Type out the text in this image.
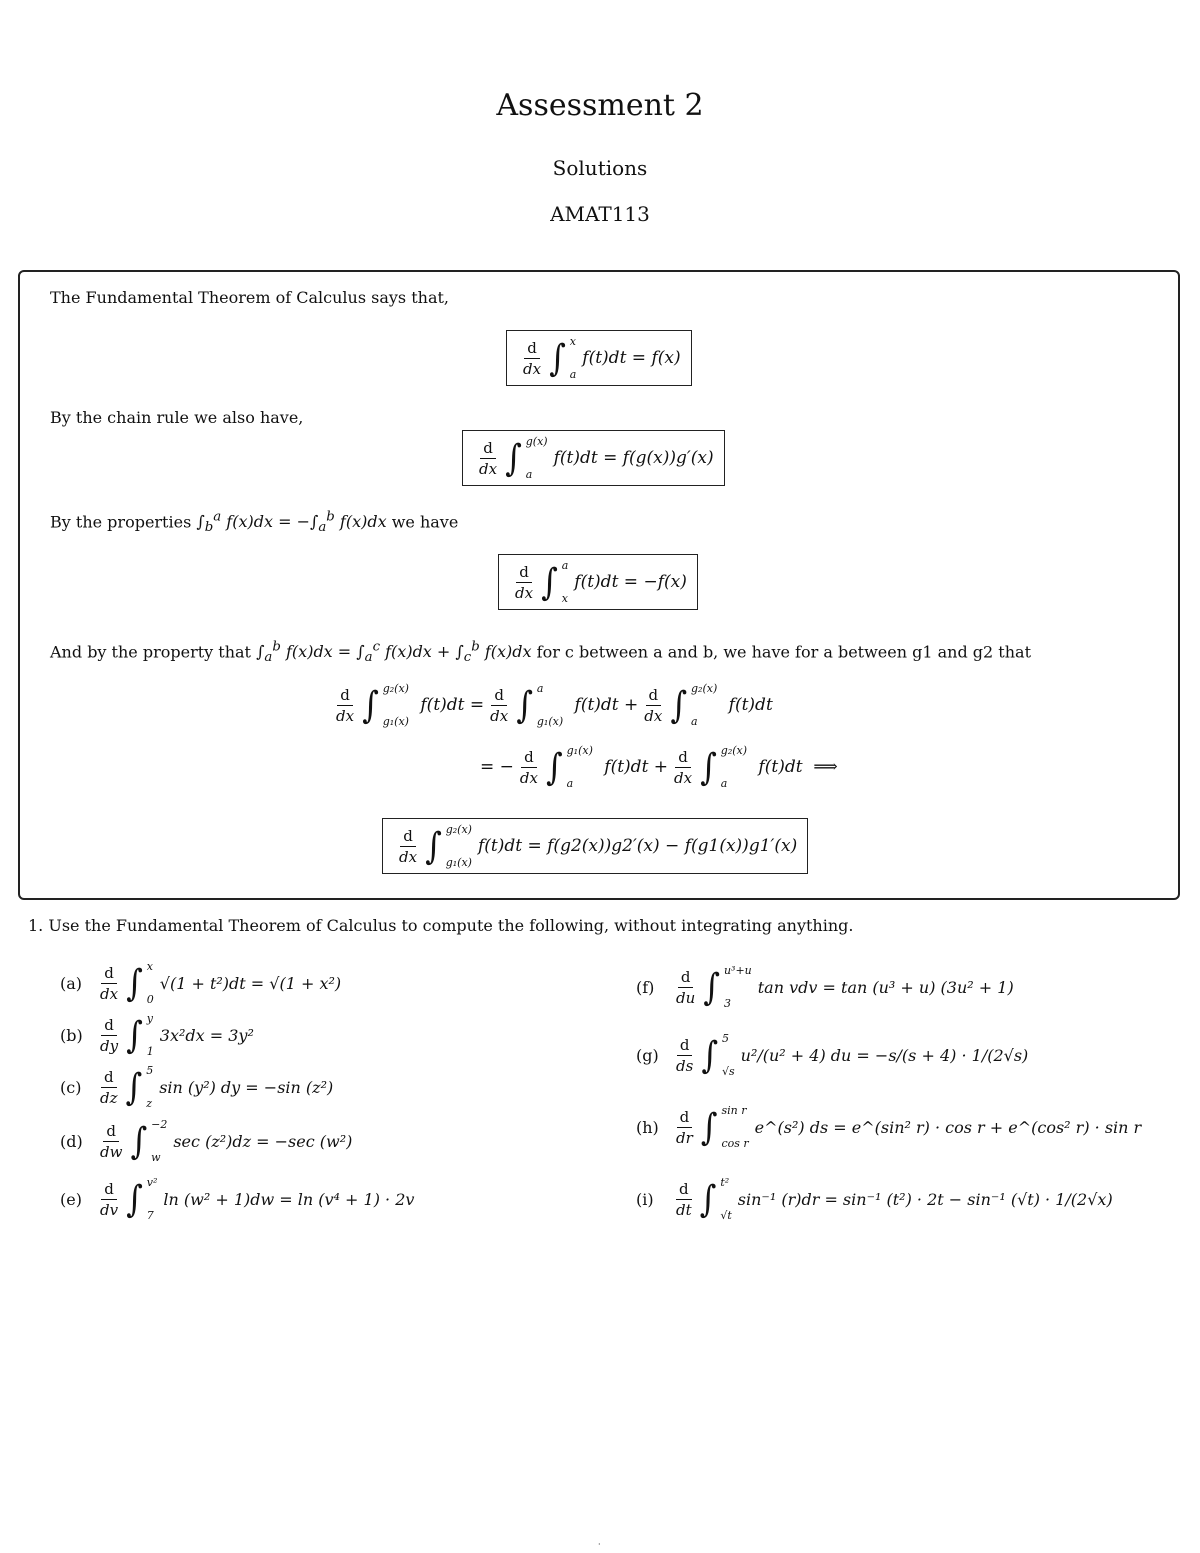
Assessment 2
Solutions
AMAT113
The Fundamental Theorem of Calculus says that,
$\frac{d}{dx}$ ∫ x
a
f(t)dt = f(x)
By the chain rule we also have,
$\frac{d}{dx}$ ∫ g(x)
a
f(t)dt = f(g(x))g′(x)
By the properties $\int_b^a$ $f(x)dx = -\int_a^b$ f(x)dx we have
$\frac{d}{dx}$ ∫ a
x
f(t)dt = −f(x)
And by the property that $\int_a^b$ $f(x)dx = \int_a^c$ $f(x)dx + \int_c^b$ f(x)dx for c between a and b, we have for a between g1 and g2 that
$\frac{d}{dx}$ ∫ g₂(x)
g₁(x)
$f(t)dt = \frac{d}{dx}$ ∫ a
g₁(x)
$f(t)dt + \frac{d}{dx}$ ∫ g₂(x)
a
f(t)dt
= − $\frac{d}{dx}$ ∫ g₁(x)
a
$f(t)dt + \frac{d}{dx}$ ∫ g₂(x)
a
f(t)dt  ⟹
$\frac{d}{dx}$ ∫ g₂(x)
g₁(x)
f(t)dt = f(g2(x))g2′(x) − f(g1(x))g1′(x)
1. Use the Fundamental Theorem of Calculus to compute the following, without integrating anything.
$(a) \frac{d}{dx}$ ∫ x
0
√(1 + t²)dt = √(1 + x²)
$(b) \frac{d}{dy}$ ∫ y
1
3x²dx = 3y²
(c)	$\frac{d}{dz}$ ∫ 5
z
sin (y²) dy = −sin (z²)
$(d) \frac{d}{dw}$ ∫ −2
w
sec (z²)dz = −sec (w²)
(e)	$\frac{d}{dv}$ ∫ v²
7
ln (w² + 1)dw = ln (v⁴ + 1) · 2v
(f)	$\frac{d}{du}$ ∫ u³+u
3
tan vdv = tan (u³ + u) (3u² + 1)
$(g) \frac{d}{ds}$ ∫ 5
√s
u²/(u² + 4) du = −s/(s + 4) · 1/(2√s)
$(h) \frac{d}{dr}$ ∫ sin r
cos r
e^(s²) ds = e^(sin² r) · cos r + e^(cos² r) · sin r
(i)	$\frac{d}{dt}$ ∫ t²
√t
sin⁻¹ (r)dr = sin⁻¹ (t²) · 2t − sin⁻¹ (√t) · 1/(2√x)
·
